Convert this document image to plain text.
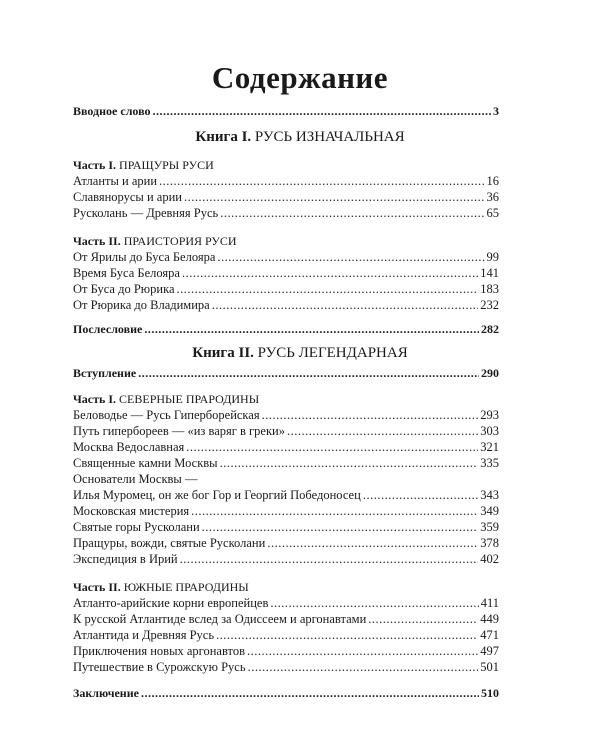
Содержание
Вводное слово .....	3
Книга I. РУСЬ ИЗНАЧАЛЬНАЯ
Часть I. ПРАЩУРЫ РУСИ
Атланты и арии .....	16
Славянорусы и арии .....	36
Русколань — Древняя Русь .....	65
Часть II. ПРАИСТОРИЯ РУСИ
От Ярилы до Буса Белояра .....	99
Время Буса Белояра .....	141
От Буса до Рюрика .....	183
От Рюрика до Владимира .....	232
Послесловие .....	282
Книга II. РУСЬ ЛЕГЕНДАРНАЯ
Вступление .....	290
Часть I. СЕВЕРНЫЕ ПРАРОДИНЫ
Беловодье — Русь Гиперборейская .....	293
Путь гипербореев — «из варяг в греки» .....	303
Москва Ведославная .....	321
Священные камни Москвы .....	335
Основатели Москвы —
Илья Муромец, он же бог Гор и Георгий Победоносец .....	343
Московская мистерия .....	349
Святые горы Русколани .....	359
Пращуры, вожди, святые Русколани .....	378
Экспедиция в Ирий .....	402
Часть II. ЮЖНЫЕ ПРАРОДИНЫ
Атланто-арийские корни европейцев .....	411
К русской Атлантиде вслед за Одиссеем и аргонавтами .....	449
Атлантида и Древняя Русь .....	471
Приключения новых аргонавтов .....	497
Путешествие в Сурожскую Русь .....	501
Заключение .....	510
